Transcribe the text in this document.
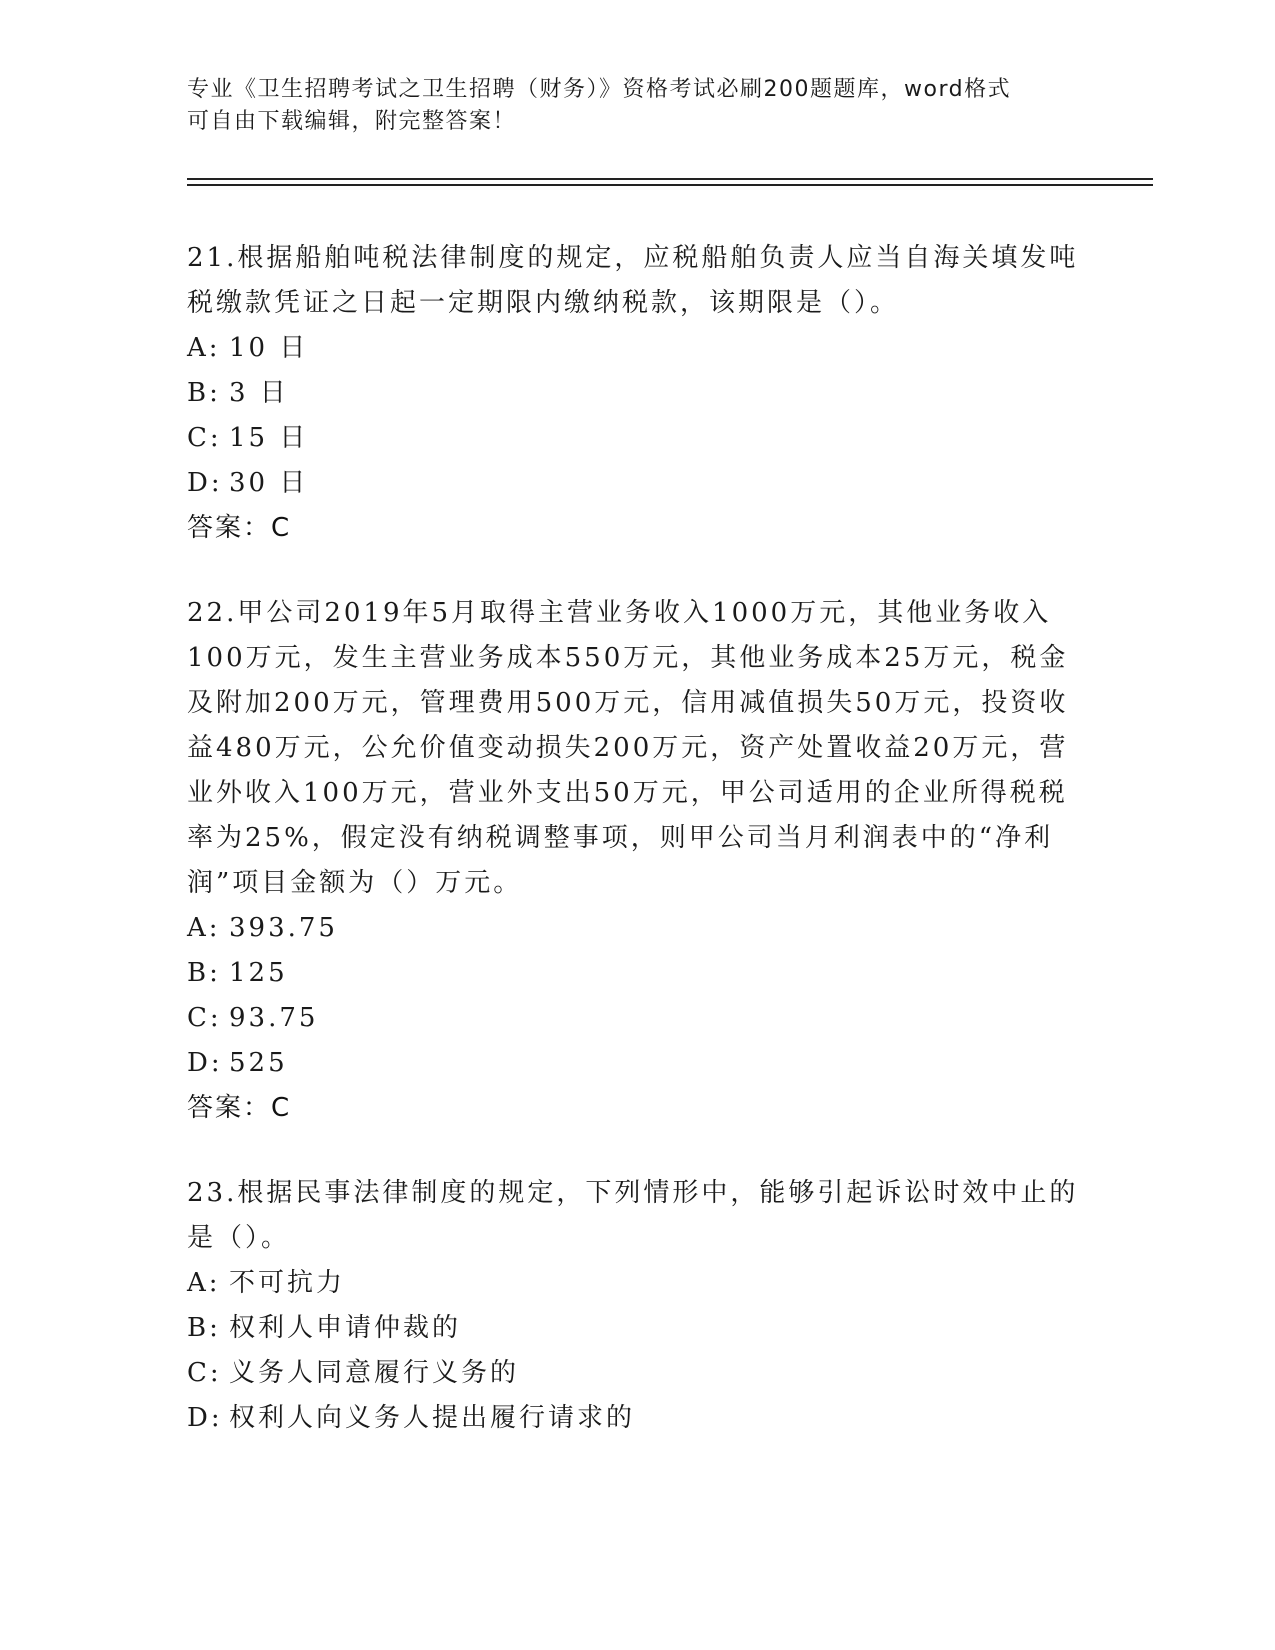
专业《卫生招聘考试之卫生招聘（财务）》资格考试必刷200题题库，word格式
可自由下载编辑，附完整答案！
21.根据船舶吨税法律制度的规定，应税船舶负责人应当自海关填发吨税缴款凭证之日起一定期限内缴纳税款，该期限是（）。
A: 10 日
B: 3 日
C: 15 日
D: 30 日
答案：C
22.甲公司2019年5月取得主营业务收入1000万元，其他业务收入100万元，发生主营业务成本550万元，其他业务成本25万元，税金及附加200万元，管理费用500万元，信用减值损失50万元，投资收益480万元，公允价值变动损失200万元，资产处置收益20万元，营业外收入100万元，营业外支出50万元，甲公司适用的企业所得税税率为25%，假定没有纳税调整事项，则甲公司当月利润表中的“净利润”项目金额为（）万元。
A: 393.75
B: 125
C: 93.75
D: 525
答案：C
23.根据民事法律制度的规定，下列情形中，能够引起诉讼时效中止的是（）。
A: 不可抗力
B: 权利人申请仲裁的
C: 义务人同意履行义务的
D: 权利人向义务人提出履行请求的
